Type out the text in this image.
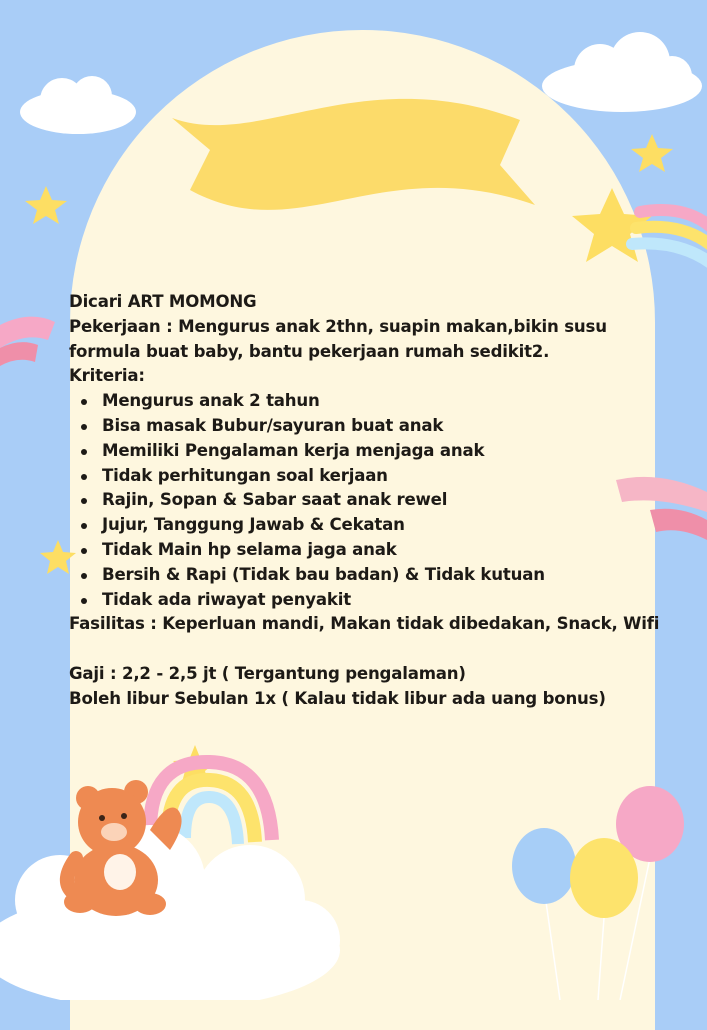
Dicari ART MOMONG

Pekerjaan : Mengurus anak 2thn, suapin makan,bikin susu formula buat baby, bantu pekerjaan rumah sedikit2.

Kriteria:

Mengurus anak 2 tahun
Bisa masak Bubur/sayuran buat anak
Memiliki Pengalaman kerja menjaga anak
Tidak perhitungan soal kerjaan
Rajin, Sopan & Sabar saat anak rewel
Jujur, Tanggung Jawab & Cekatan
Tidak Main hp selama jaga anak
Bersih & Rapi (Tidak bau badan) & Tidak kutuan
Tidak ada riwayat penyakit

Fasilitas : Keperluan mandi, Makan tidak dibedakan, Snack, Wifi

Gaji : 2,2 - 2,5 jt ( Tergantung pengalaman)

Boleh libur Sebulan 1x ( Kalau tidak libur ada uang bonus)
